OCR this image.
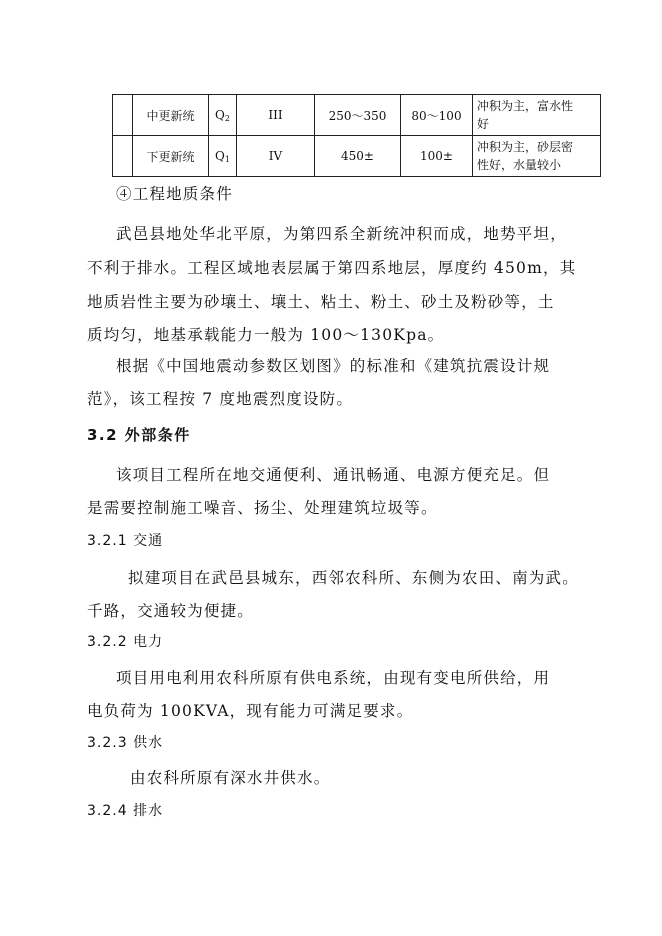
	中更新统	$Q_2$	III	250～350	80～100	冲积为主，富水性
好

	下更新统	$Q_1$	IV	450±	100±	冲积为主，砂层密
性好，水量较小
④工程地质条件
武邑县地处华北平原，为第四系全新统冲积而成，地势平坦，
不利于排水。工程区域地表层属于第四系地层，厚度约 450m，其
地质岩性主要为砂壤土、壤土、粘土、粉土、砂土及粉砂等，土
质均匀，地基承载能力一般为 100～130Kpa。
根据《中国地震动参数区划图》的标准和《建筑抗震设计规
范》，该工程按 7 度地震烈度设防。
3.2 外部条件
该项目工程所在地交通便利、通讯畅通、电源方便充足。但
是需要控制施工噪音、扬尘、处理建筑垃圾等。
3.2.1 交通
拟建项目在武邑县城东，西邻农科所、东侧为农田、南为武。
千路，交通较为便捷。
3.2.2 电力
项目用电利用农科所原有供电系统，由现有变电所供给，用
电负荷为 100KVA，现有能力可满足要求。
3.2.3 供水
由农科所原有深水井供水。
3.2.4 排水
